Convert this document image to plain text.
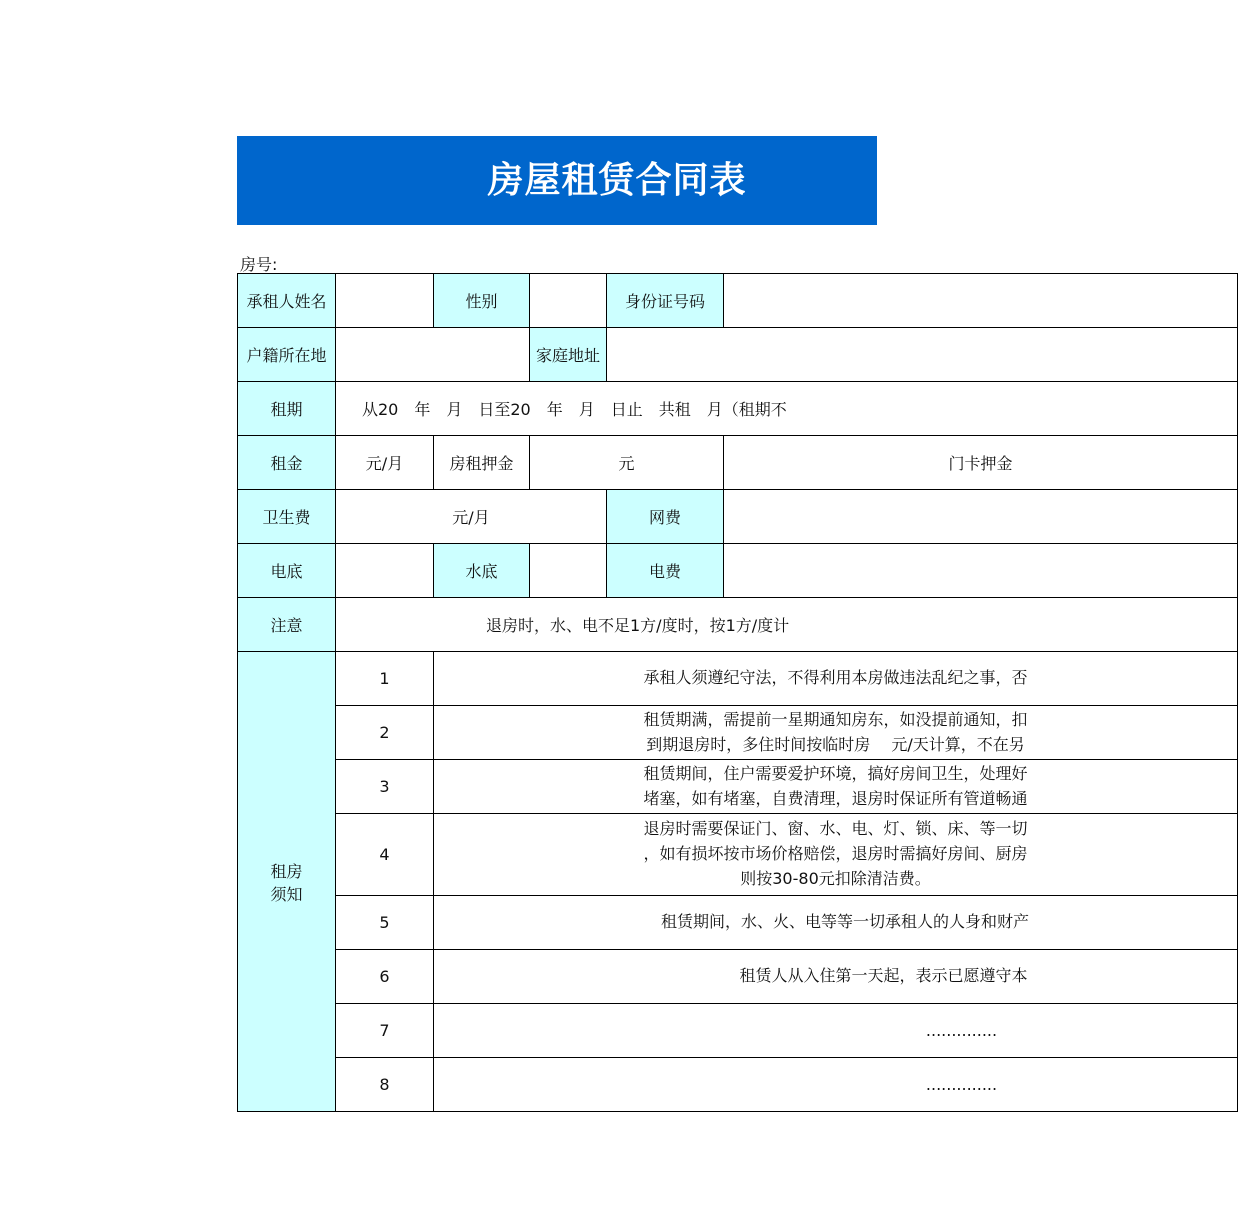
房屋租赁合同表
房号:
承租人姓名		性别		身份证号码	
户籍所在地			家庭地址		
租期	从20　年　月　日至20　年　月　日止　共租　月（租期不				
租金	元/月	房租押金	元		门卡押金
卫生费	元/月			网费	
电底		水底		电费	
注意	退房时，水、电不足1方/度时，按1方/度计				

租房
须知	1	承租人须遵纪守法，不得利用本房做违法乱纪之事，否			

	2	租赁期满，需提前一星期通知房东，如没提前通知，扣
到期退房时，多住时间按临时房　 元/天计算，不在另			

	3	租赁期间，住户需要爱护环境，搞好房间卫生，处理好
堵塞，如有堵塞，自费清理，退房时保证所有管道畅通			

	4	退房时需要保证门、窗、水、电、灯、锁、床、等一切
，如有损坏按市场价格赔偿，退房时需搞好房间、厨房
则按30-80元扣除清洁费。			

	5	租赁期间，水、火、电等等一切承租人的人身和财产			

	6	租赁人从入住第一天起，表示已愿遵守本			

	7	..............			

	8	..............			
